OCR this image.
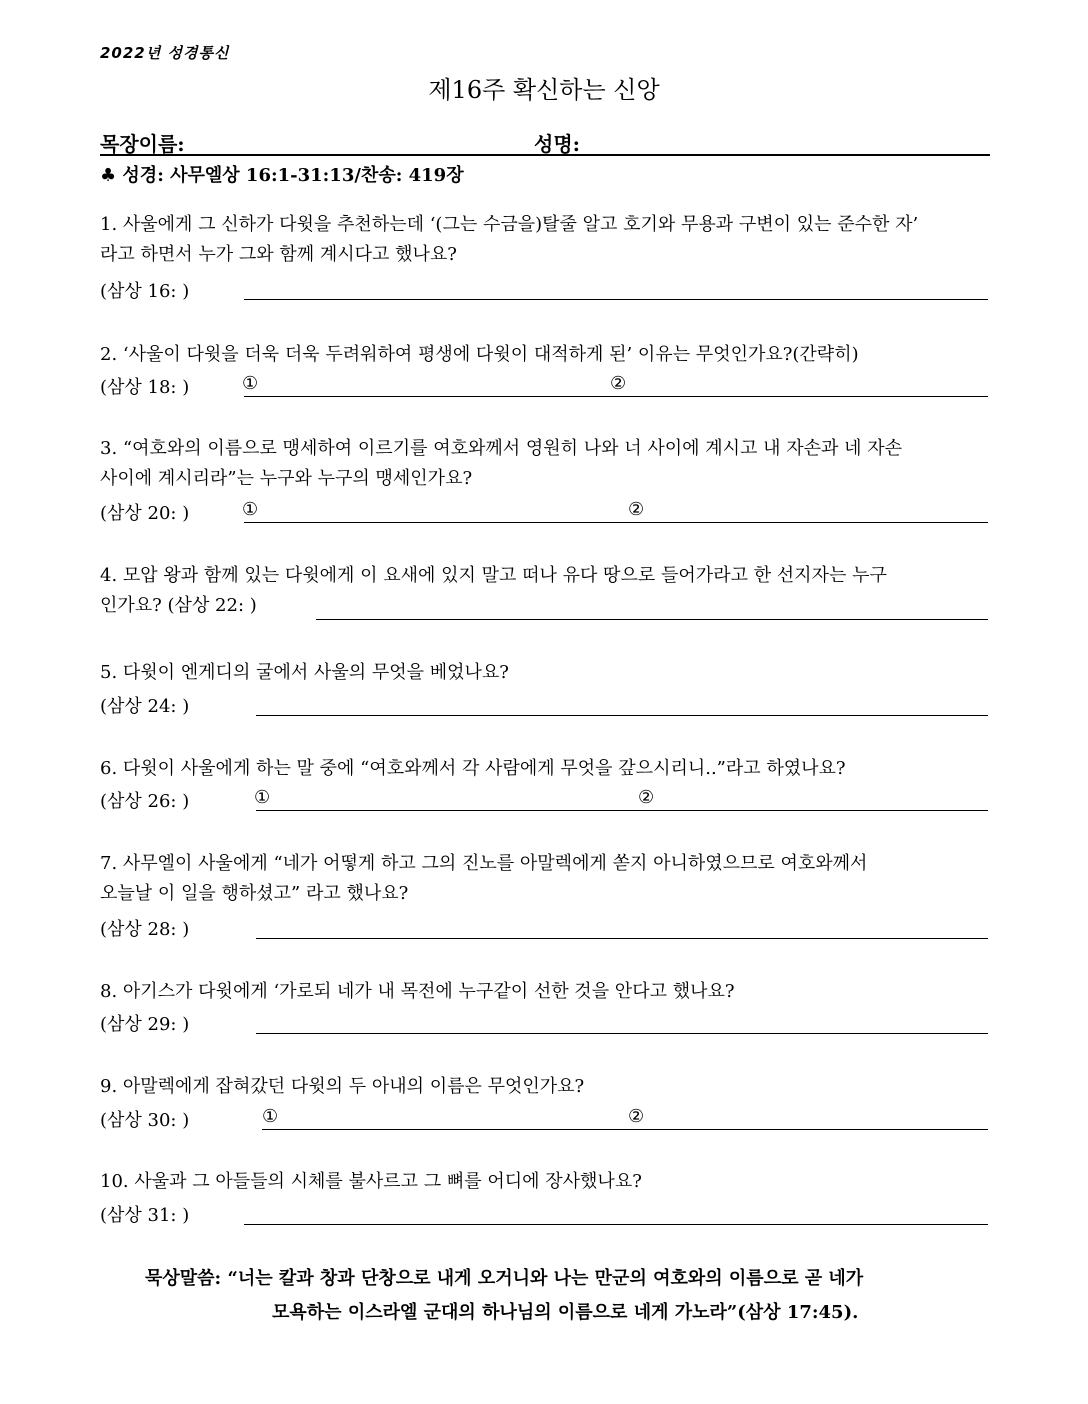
2022년 성경통신
제16주 확신하는 신앙
목장이름:	성명:
♣ 성경: 사무엘상 16:1-31:13/찬송: 419장
1. 사울에게 그 신하가 다윗을 추천하는데 ‘(그는 수금을)탈줄 알고 호기와 무용과 구변이 있는 준수한 자’
라고 하면서 누가 그와 함께 계시다고 했나요?
(삼상 16: )
2. ‘사울이 다윗을 더욱 더욱 두려워하여 평생에 다윗이 대적하게 된’ 이유는 무엇인가요?(간략히)
(삼상 18: )	①	②
3. “여호와의 이름으로 맹세하여 이르기를 여호와께서 영원히 나와 너 사이에 계시고 내 자손과 네 자손
사이에 계시리라”는 누구와 누구의 맹세인가요?
(삼상 20: )	①	②
4. 모압 왕과 함께 있는 다윗에게 이 요새에 있지 말고 떠나 유다 땅으로 들어가라고 한 선지자는 누구
인가요? (삼상 22: )
5. 다윗이 엔게디의 굴에서 사울의 무엇을 베었나요?
(삼상 24: )
6. 다윗이 사울에게 하는 말 중에 “여호와께서 각 사람에게 무엇을 갚으시리니..”라고 하였나요?
(삼상 26: )	①	②
7. 사무엘이 사울에게 “네가 어떻게 하고 그의 진노를 아말렉에게 쏟지 아니하였으므로 여호와께서
오늘날 이 일을 행하셨고” 라고 했나요?
(삼상 28: )
8. 아기스가 다윗에게 ‘가로되 네가 내 목전에 누구같이 선한 것을 안다고 했나요?
(삼상 29: )
9. 아말렉에게 잡혀갔던 다윗의 두 아내의 이름은 무엇인가요?
(삼상 30: )	①	②
10. 사울과 그 아들들의 시체를 불사르고 그 뼈를 어디에 장사했나요?
(삼상 31: )
묵상말씀: “너는 칼과 창과 단창으로 내게 오거니와 나는 만군의 여호와의 이름으로 곧 네가
모욕하는 이스라엘 군대의 하나님의 이름으로 네게 가노라”(삼상 17:45).
